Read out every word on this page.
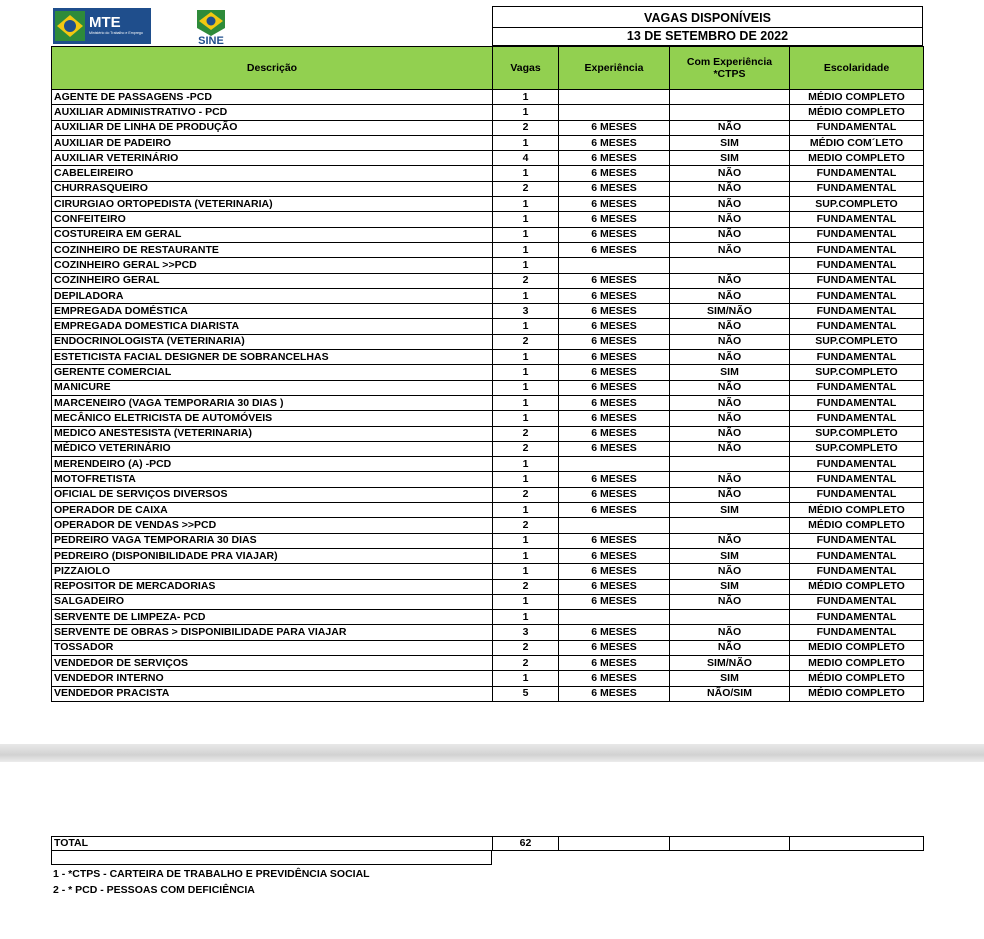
MTE
Ministério do Trabalho e Emprego
SINE
VAGAS DISPONÍVEIS
13 DE SETEMBRO DE 2022
Descrição	Vagas	Experiência	Com Experiência *CTPS	Escolaridade
AGENTE DE PASSAGENS -PCD	1			MÉDIO COMPLETO
AUXILIAR ADMINISTRATIVO - PCD	1			MÉDIO COMPLETO
AUXILIAR DE LINHA DE PRODUÇÃO	2	6 MESES	NÃO	FUNDAMENTAL
AUXILIAR DE PADEIRO	1	6 MESES	SIM	MÉDIO COM´LETO
AUXILIAR VETERINÁRIO	4	6 MESES	SIM	MEDIO COMPLETO
CABELEIREIRO	1	6 MESES	NÃO	FUNDAMENTAL
CHURRASQUEIRO	2	6 MESES	NÃO	FUNDAMENTAL
CIRURGIAO ORTOPEDISTA (VETERINARIA)	1	6 MESES	NÃO	SUP.COMPLETO
CONFEITEIRO	1	6 MESES	NÃO	FUNDAMENTAL
COSTUREIRA EM GERAL	1	6 MESES	NÃO	FUNDAMENTAL
COZINHEIRO DE RESTAURANTE	1	6 MESES	NÃO	FUNDAMENTAL
COZINHEIRO GERAL >>PCD	1			FUNDAMENTAL
COZINHEIRO GERAL	2	6 MESES	NÃO	FUNDAMENTAL
DEPILADORA	1	6 MESES	NÃO	FUNDAMENTAL
EMPREGADA DOMÉSTICA	3	6 MESES	SIM/NÃO	FUNDAMENTAL
EMPREGADA DOMESTICA DIARISTA	1	6 MESES	NÃO	FUNDAMENTAL
ENDOCRINOLOGISTA (VETERINARIA)	2	6 MESES	NÃO	SUP.COMPLETO
ESTETICISTA FACIAL DESIGNER DE SOBRANCELHAS	1	6 MESES	NÃO	FUNDAMENTAL
GERENTE COMERCIAL	1	6 MESES	SIM	SUP.COMPLETO
MANICURE	1	6 MESES	NÃO	FUNDAMENTAL
MARCENEIRO (VAGA TEMPORARIA 30 DIAS )	1	6 MESES	NÃO	FUNDAMENTAL
MECÂNICO ELETRICISTA DE AUTOMÓVEIS	1	6 MESES	NÃO	FUNDAMENTAL
MEDICO ANESTESISTA (VETERINARIA)	2	6 MESES	NÃO	SUP.COMPLETO
MÉDICO VETERINÁRIO	2	6 MESES	NÃO	SUP.COMPLETO
MERENDEIRO (A) -PCD	1			FUNDAMENTAL
MOTOFRETISTA	1	6 MESES	NÃO	FUNDAMENTAL
OFICIAL DE SERVIÇOS DIVERSOS	2	6 MESES	NÃO	FUNDAMENTAL
OPERADOR DE CAIXA	1	6 MESES	SIM	MÉDIO COMPLETO
OPERADOR DE VENDAS >>PCD	2			MÉDIO COMPLETO
PEDREIRO VAGA TEMPORARIA 30 DIAS	1	6 MESES	NÃO	FUNDAMENTAL
PEDREIRO (DISPONIBILIDADE PRA VIAJAR)	1	6 MESES	SIM	FUNDAMENTAL
PIZZAIOLO	1	6 MESES	NÃO	FUNDAMENTAL
REPOSITOR DE MERCADORIAS	2	6 MESES	SIM	MÉDIO COMPLETO
SALGADEIRO	1	6 MESES	NÃO	FUNDAMENTAL
SERVENTE DE LIMPEZA- PCD	1			FUNDAMENTAL
SERVENTE DE OBRAS > DISPONIBILIDADE PARA VIAJAR	3	6 MESES	NÃO	FUNDAMENTAL
TOSSADOR	2	6 MESES	NÃO	MEDIO COMPLETO
VENDEDOR DE SERVIÇOS	2	6 MESES	SIM/NÃO	MEDIO COMPLETO
VENDEDOR INTERNO	1	6 MESES	SIM	MÉDIO COMPLETO
VENDEDOR PRACISTA	5	6 MESES	NÃO/SIM	MÉDIO COMPLETO
TOTAL	62			
1 - *CTPS - CARTEIRA DE TRABALHO E PREVIDÊNCIA SOCIAL
2 - * PCD - PESSOAS COM DEFICIÊNCIA
